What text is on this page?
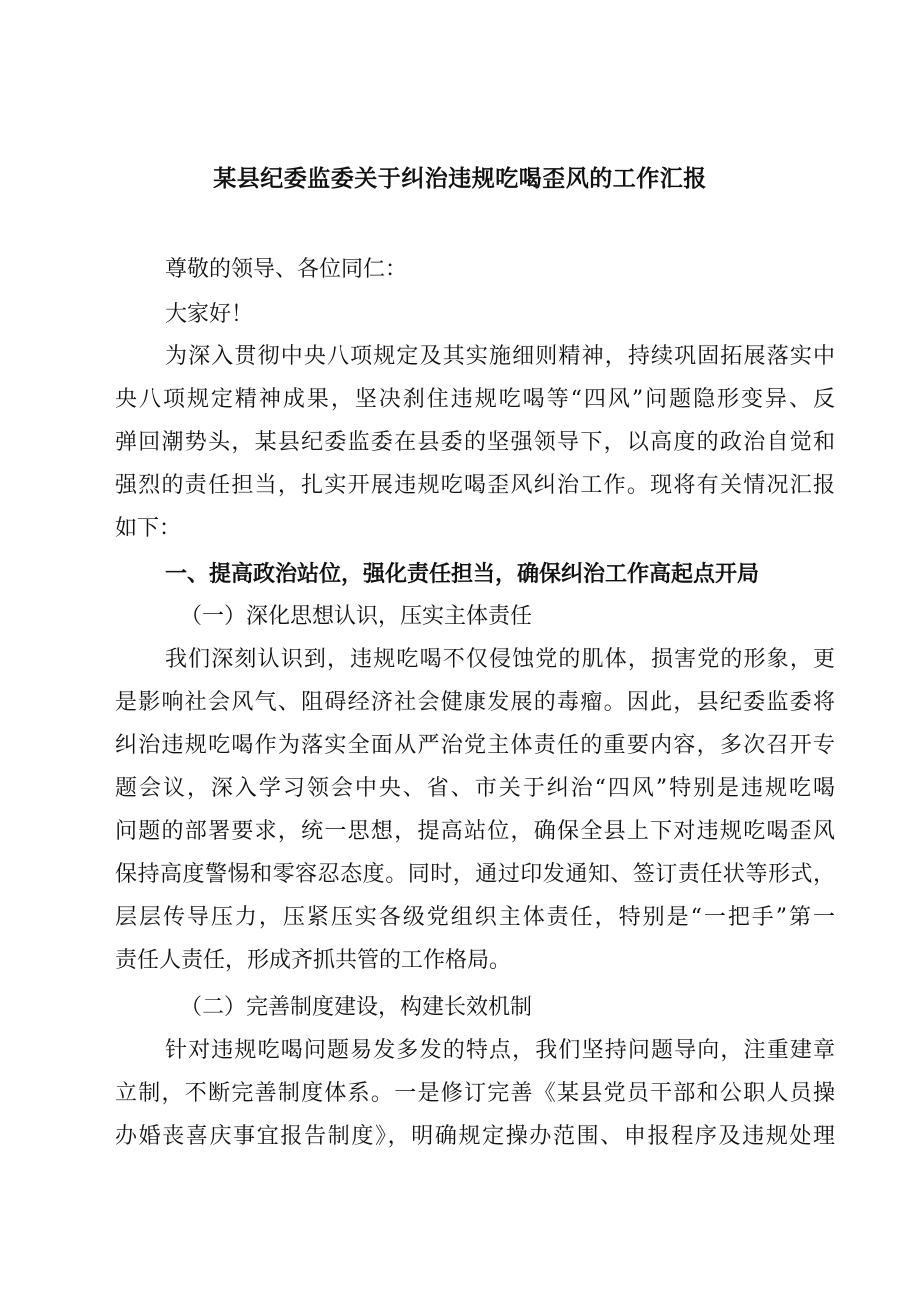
某县纪委监委关于纠治违规吃喝歪风的工作汇报

尊敬的领导、各位同仁：

大家好！

为深入贯彻中央八项规定及其实施细则精神，持续巩固拓展落实中

央八项规定精神成果，坚决刹住违规吃喝等“四风”问题隐形变异、反

弹回潮势头，某县纪委监委在县委的坚强领导下，以高度的政治自觉和

强烈的责任担当，扎实开展违规吃喝歪风纠治工作。现将有关情况汇报

如下：

一、提高政治站位，强化责任担当，确保纠治工作高起点开局

（一）深化思想认识，压实主体责任

我们深刻认识到，违规吃喝不仅侵蚀党的肌体，损害党的形象，更

是影响社会风气、阻碍经济社会健康发展的毒瘤。因此，县纪委监委将

纠治违规吃喝作为落实全面从严治党主体责任的重要内容，多次召开专

题会议，深入学习领会中央、省、市关于纠治“四风”特别是违规吃喝

问题的部署要求，统一思想，提高站位，确保全县上下对违规吃喝歪风

保持高度警惕和零容忍态度。同时，通过印发通知、签订责任状等形式，

层层传导压力，压紧压实各级党组织主体责任，特别是“一把手”第一

责任人责任，形成齐抓共管的工作格局。

（二）完善制度建设，构建长效机制

针对违规吃喝问题易发多发的特点，我们坚持问题导向，注重建章

立制，不断完善制度体系。一是修订完善《某县党员干部和公职人员操

办婚丧喜庆事宜报告制度》，明确规定操办范围、申报程序及违规处理
